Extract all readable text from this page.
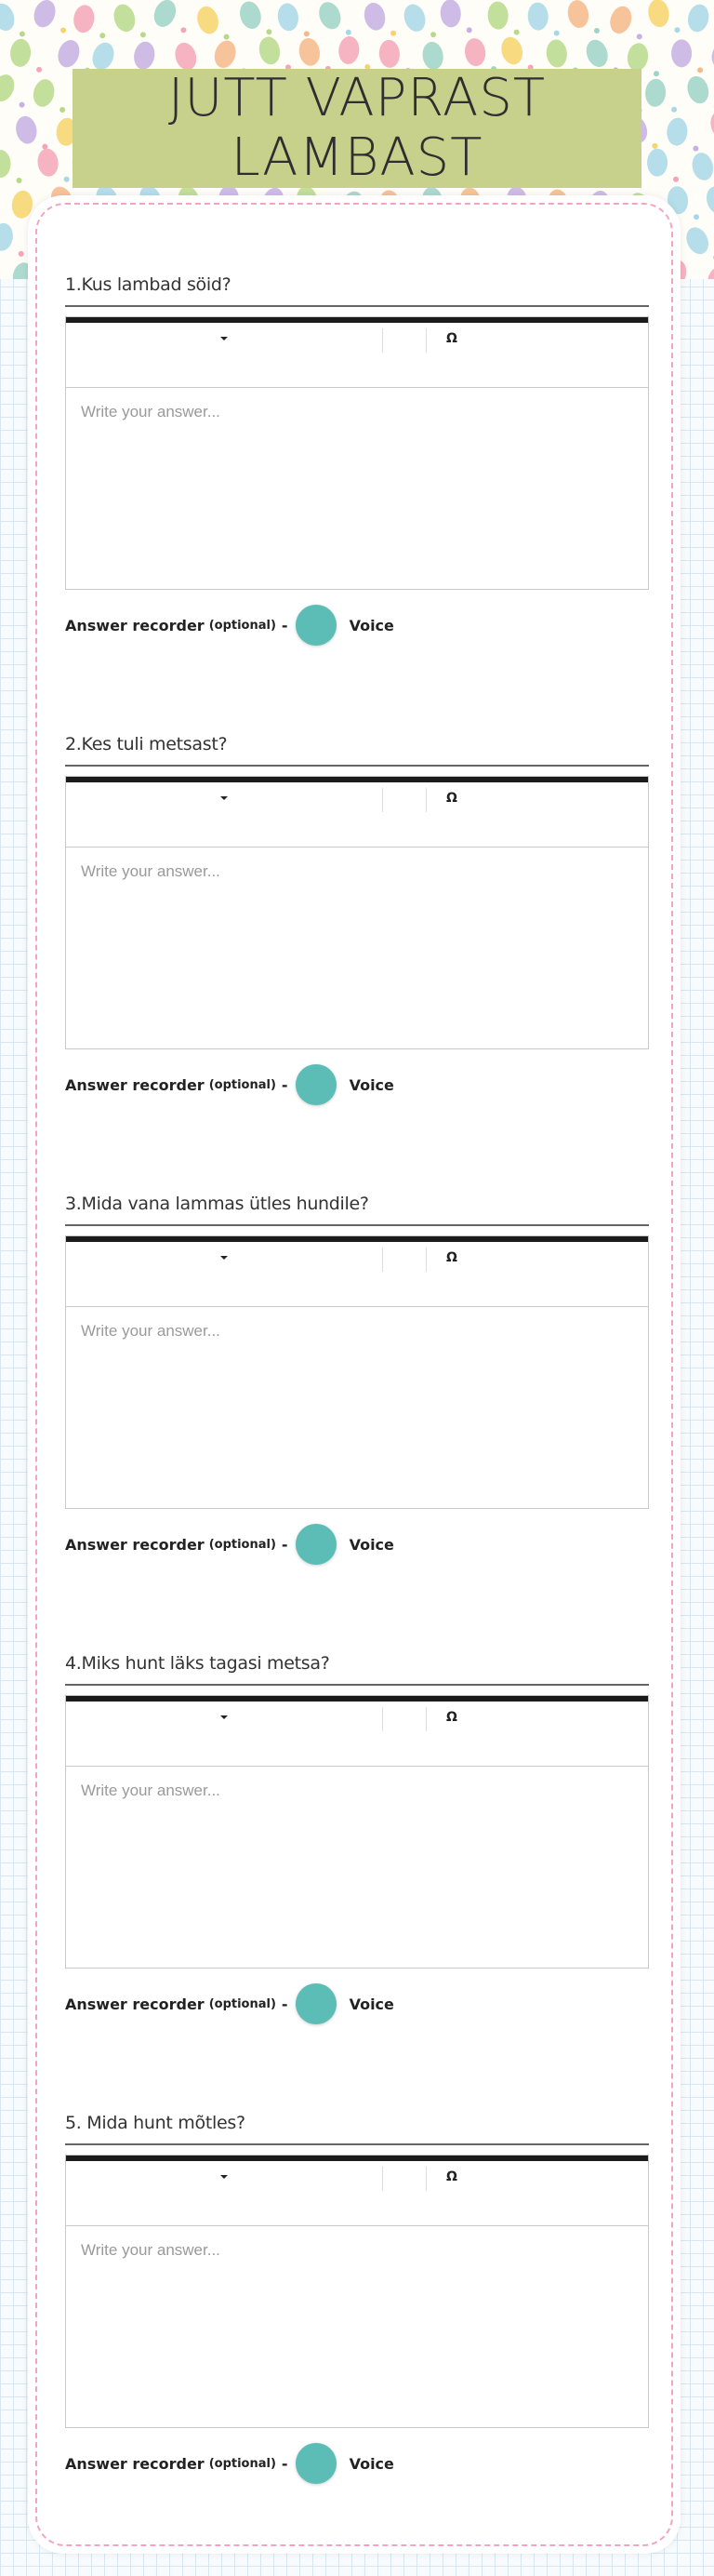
JUTT VAPRAST LAMBAST
1.Kus lambad söid?
Ω
Write your answer...
Answer recorder (optional) -	Voice
2.Kes tuli metsast?
Ω
Write your answer...
Answer recorder (optional) -	Voice
3.Mida vana lammas ütles hundile?
Ω
Write your answer...
Answer recorder (optional) -	Voice
4.Miks hunt läks tagasi metsa?
Ω
Write your answer...
Answer recorder (optional) -	Voice
5. Mida hunt mõtles?
Ω
Write your answer...
Answer recorder (optional) -	Voice
